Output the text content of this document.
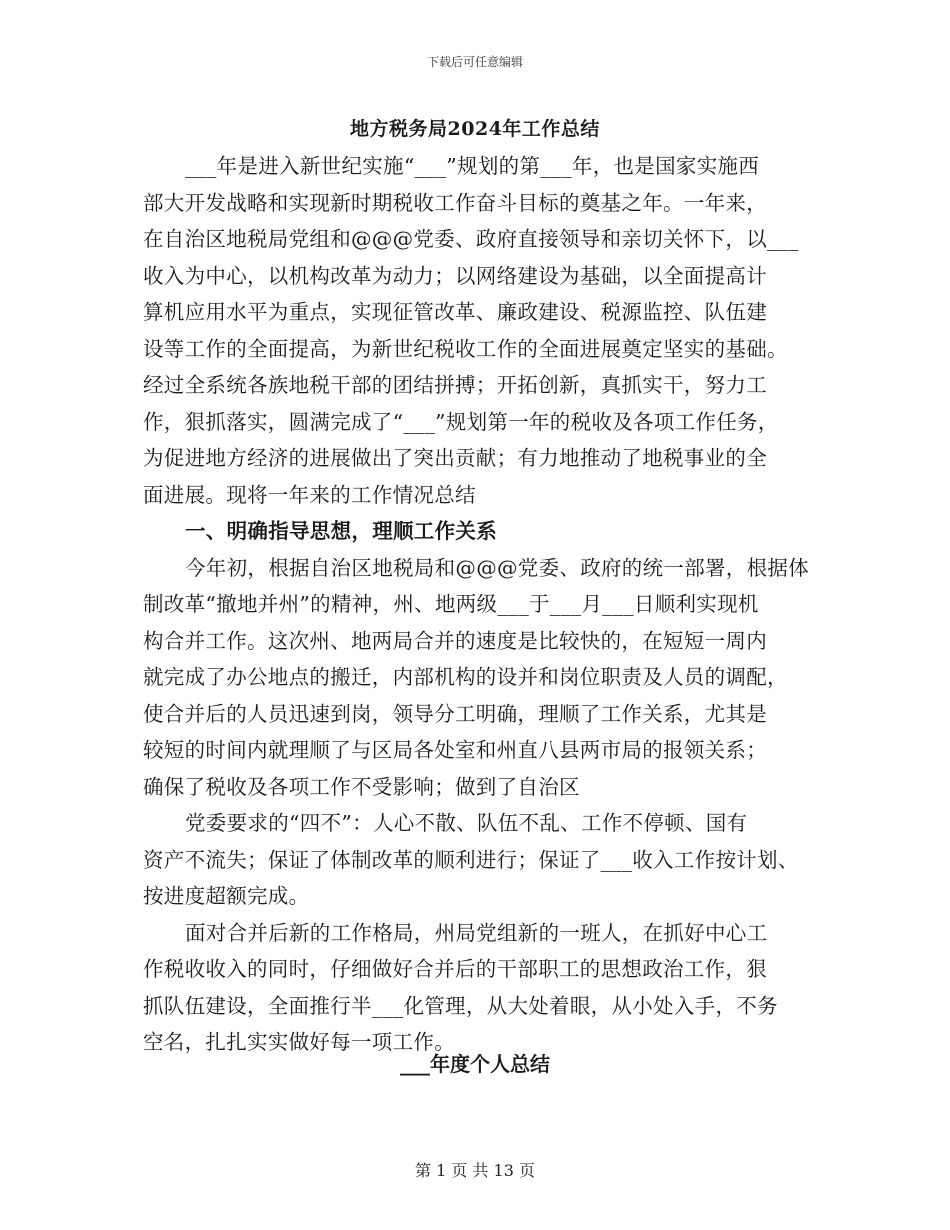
下载后可任意编辑
地方税务局2024年工作总结
___年是进入新世纪实施“___”规划的第___年，也是国家实施西
部大开发战略和实现新时期税收工作奋斗目标的奠基之年。一年来，
在自治区地税局党组和@@@党委、政府直接领导和亲切关怀下，以___
收入为中心，以机构改革为动力；以网络建设为基础，以全面提高计
算机应用水平为重点，实现征管改革、廉政建设、税源监控、队伍建
设等工作的全面提高，为新世纪税收工作的全面进展奠定坚实的基础。
经过全系统各族地税干部的团结拼搏；开拓创新，真抓实干，努力工
作，狠抓落实，圆满完成了“___”规划第一年的税收及各项工作任务，
为促进地方经济的进展做出了突出贡献；有力地推动了地税事业的全
面进展。现将一年来的工作情况总结
一、明确指导思想，理顺工作关系
今年初，根据自治区地税局和@@@党委、政府的统一部署，根据体
制改革“撤地并州”的精神，州、地两级___于___月___日顺利实现机
构合并工作。这次州、地两局合并的速度是比较快的，在短短一周内
就完成了办公地点的搬迁，内部机构的设并和岗位职责及人员的调配，
使合并后的人员迅速到岗，领导分工明确，理顺了工作关系，尤其是
较短的时间内就理顺了与区局各处室和州直八县两市局的报领关系；
确保了税收及各项工作不受影响；做到了自治区
党委要求的“四不”：人心不散、队伍不乱、工作不停顿、国有
资产不流失；保证了体制改革的顺利进行；保证了___收入工作按计划、
按进度超额完成。
面对合并后新的工作格局，州局党组新的一班人，在抓好中心工
作税收收入的同时，仔细做好合并后的干部职工的思想政治工作，狠
抓队伍建设，全面推行半___化管理，从大处着眼，从小处入手，不务
空名，扎扎实实做好每一项工作。
___年度个人总结
第 1 页 共 13 页
